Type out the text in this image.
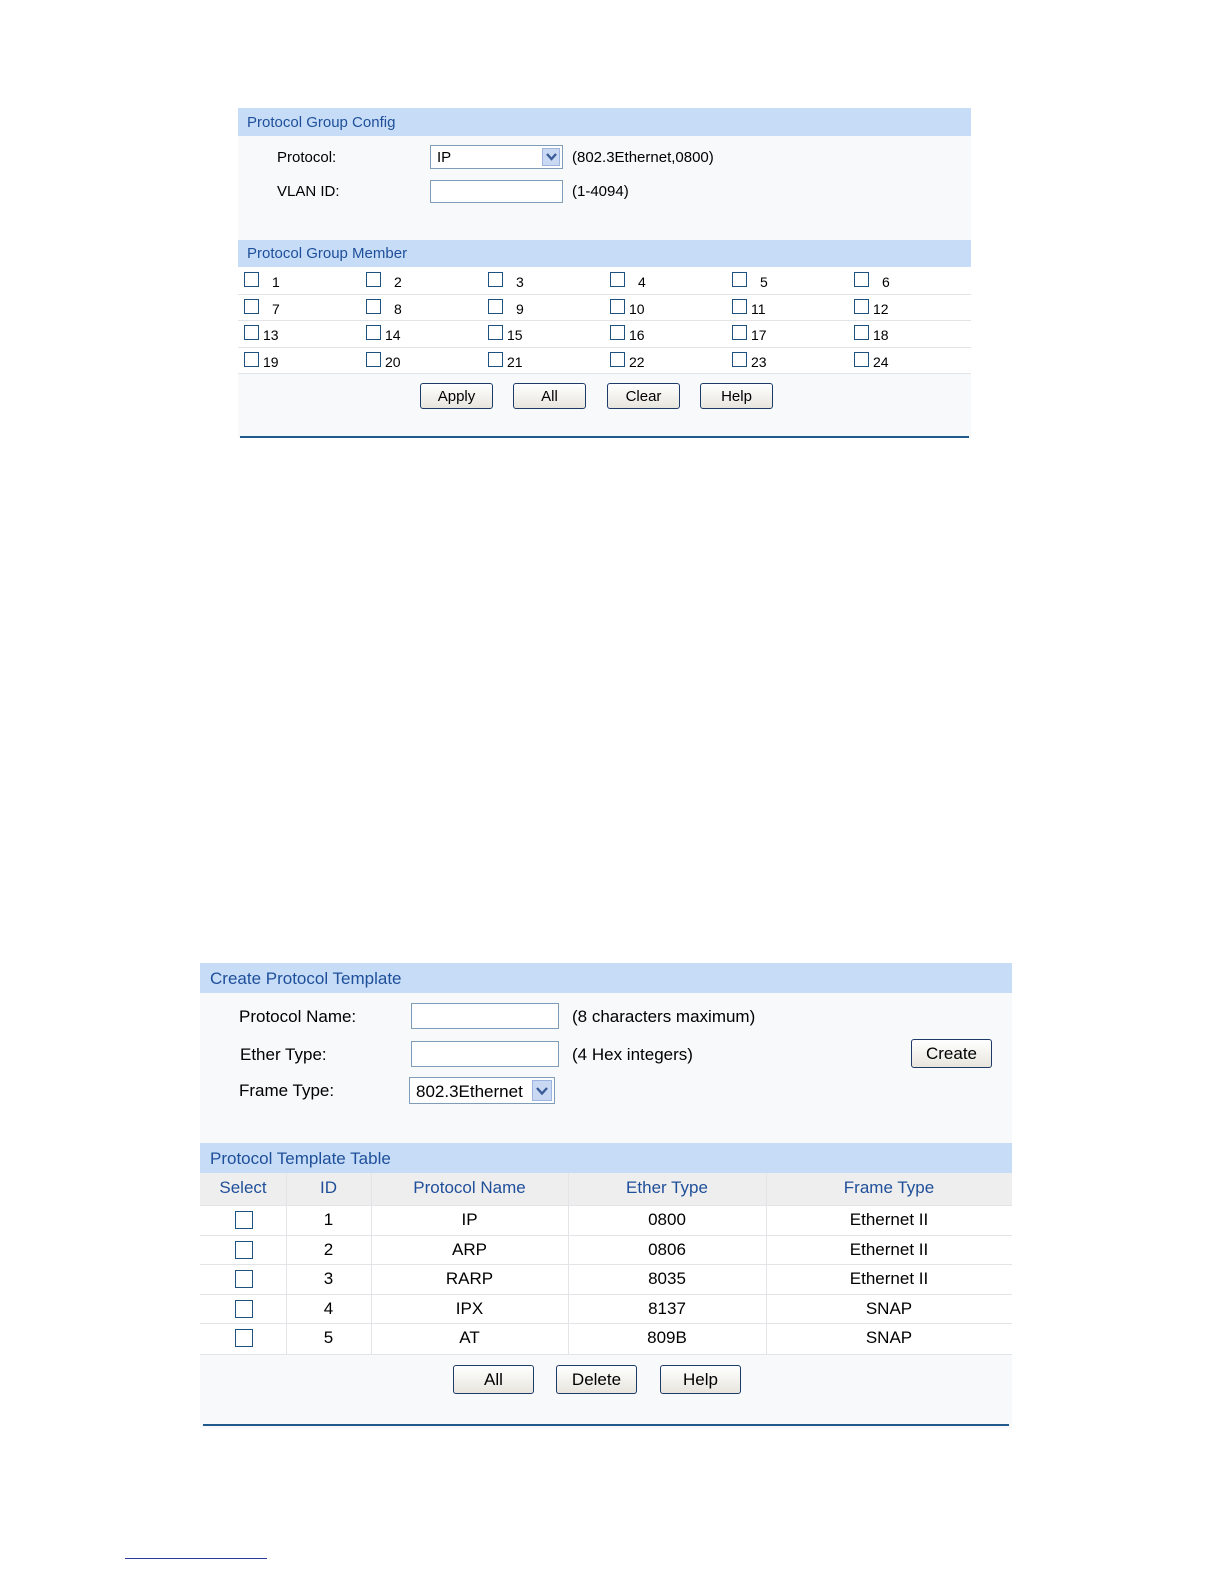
Protocol Group Config
Protocol:	IP	(802.3Ethernet,0800)
VLAN ID:	(1-4094)
Protocol Group Member
1	2	3	4	5	6
7	8	9	10	11	12
13	14	15	16	17	18
19	20	21	22	23	24
Apply	All	Clear	Help
Create Protocol Template
Protocol Name:	(8 characters maximum)
Ether Type:	(4 Hex integers)	Create
Frame Type:	802.3Ethernet
Protocol Template Table
Select	ID	Protocol Name	Ether Type	Frame Type
1	IP	0800	Ethernet II
2	ARP	0806	Ethernet II
3	RARP	8035	Ethernet II
4	IPX	8137	SNAP
5	AT	809B	SNAP
All	Delete	Help
